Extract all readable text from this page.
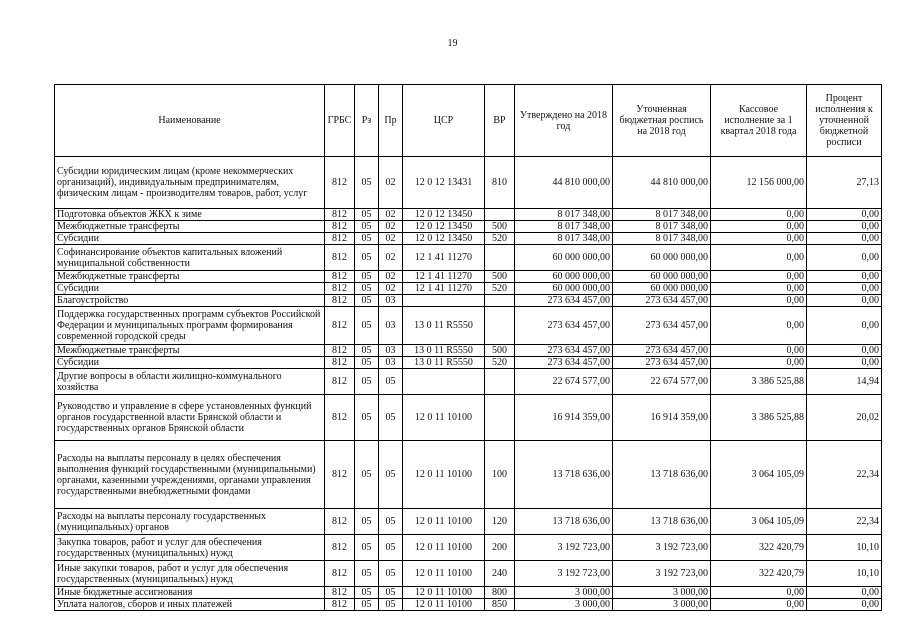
19
Наименование	ГРБС	Рз	Пр	ЦСР	ВР	Утверждено на 2018 год	Уточненная бюджетная роспись на 2018 год	Кассовое исполнение за 1 квартал 2018 года	Процент исполнения к уточненной бюджетной росписи
Субсидии юридическим лицам (кроме некоммерческих организаций), индивидуальным предпринимателям, физическим лицам - производителям товаров, работ, услуг	812	05	02	12 0 12 13431	810	44 810 000,00	44 810 000,00	12 156 000,00	27,13
Подготовка объектов ЖКХ к зиме	812	05	02	12 0 12 13450		8 017 348,00	8 017 348,00	0,00	0,00
Межбюджетные трансферты	812	05	02	12 0 12 13450	500	8 017 348,00	8 017 348,00	0,00	0,00
Субсидии	812	05	02	12 0 12 13450	520	8 017 348,00	8 017 348,00	0,00	0,00
Софинансирование объектов капитальных вложений муниципальной собственности	812	05	02	12 1 41 11270		60 000 000,00	60 000 000,00	0,00	0,00
Межбюджетные трансферты	812	05	02	12 1 41 11270	500	60 000 000,00	60 000 000,00	0,00	0,00
Субсидии	812	05	02	12 1 41 11270	520	60 000 000,00	60 000 000,00	0,00	0,00
Благоустройство	812	05	03			273 634 457,00	273 634 457,00	0,00	0,00
Поддержка государственных программ субъектов Российской Федерации и муниципальных программ формирования современной городской среды	812	05	03	13 0 11 R5550		273 634 457,00	273 634 457,00	0,00	0,00
Межбюджетные трансферты	812	05	03	13 0 11 R5550	500	273 634 457,00	273 634 457,00	0,00	0,00
Субсидии	812	05	03	13 0 11 R5550	520	273 634 457,00	273 634 457,00	0,00	0,00
Другие вопросы в области жилищно-коммунального хозяйства	812	05	05			22 674 577,00	22 674 577,00	3 386 525,88	14,94
Руководство и управление в сфере установленных функций органов государственной власти Брянской области и государственных органов Брянской области	812	05	05	12 0 11 10100		16 914 359,00	16 914 359,00	3 386 525,88	20,02
Расходы на выплаты персоналу в целях обеспечения выполнения функций государственными (муниципальными) органами, казенными учреждениями, органами управления государственными внебюджетными фондами	812	05	05	12 0 11 10100	100	13 718 636,00	13 718 636,00	3 064 105,09	22,34
Расходы на выплаты персоналу государственных (муниципальных) органов	812	05	05	12 0 11 10100	120	13 718 636,00	13 718 636,00	3 064 105,09	22,34
Закупка товаров, работ и услуг для обеспечения государственных (муниципальных) нужд	812	05	05	12 0 11 10100	200	3 192 723,00	3 192 723,00	322 420,79	10,10
Иные закупки товаров, работ и услуг для обеспечения государственных (муниципальных) нужд	812	05	05	12 0 11 10100	240	3 192 723,00	3 192 723,00	322 420,79	10,10
Иные бюджетные ассигнования	812	05	05	12 0 11 10100	800	3 000,00	3 000,00	0,00	0,00
Уплата налогов, сборов и иных платежей	812	05	05	12 0 11 10100	850	3 000,00	3 000,00	0,00	0,00
